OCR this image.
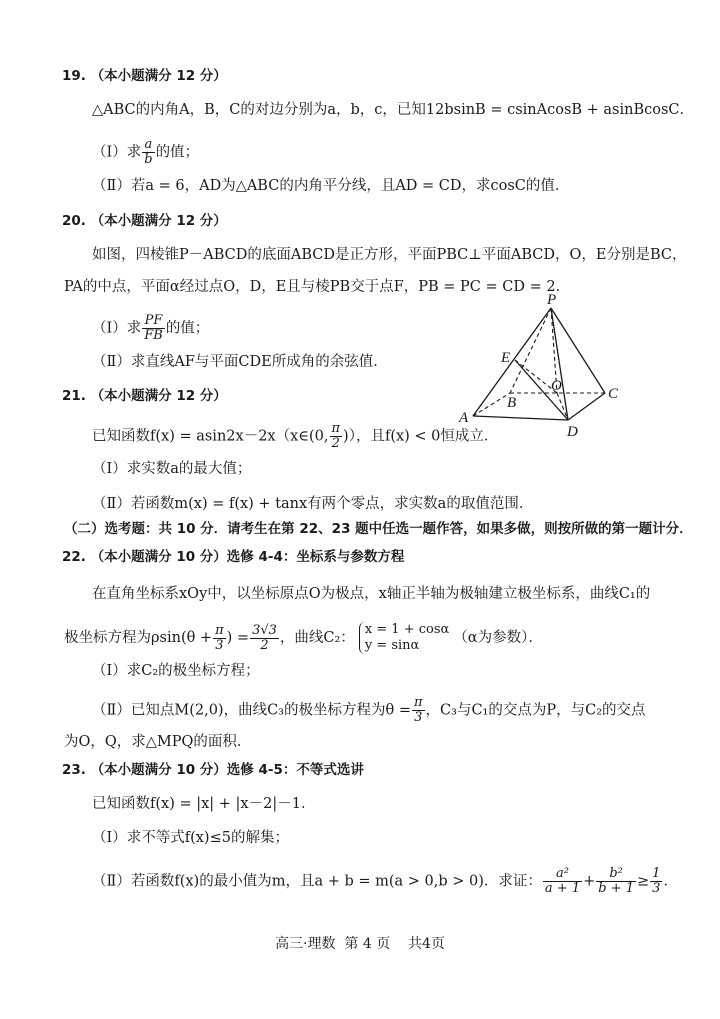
19. （本小题满分 12 分）
△ABC的内角A，B，C的对边分别为a，b，c，已知12bsinB = csinAcosB + asinBcosC．
（Ⅰ）求 $\frac{a}{b}$ 的值；
（Ⅱ）若a = 6，AD为△ABC的内角平分线，且AD = CD，求cosC的值．
20. （本小题满分 12 分）
如图，四棱锥P－ABCD的底面ABCD是正方形，平面PBC⊥平面ABCD，O，E分别是BC，
PA的中点，平面α经过点O，D，E且与棱PB交于点F，PB = PC = CD = 2．
（Ⅰ）求 $\frac{PF}{FB}$ 的值；
（Ⅱ）求直线AF与平面CDE所成角的余弦值．
P
E
O	C
B
A
D
21. （本小题满分 12 分）
已知函数f(x) = asin2x－2x（x∈(0, $\frac{\pi}{2}$ )），且f(x) < 0恒成立．
（Ⅰ）求实数a的最大值；
（Ⅱ）若函数m(x) = f(x) + tanx有两个零点，求实数a的取值范围．
（二）选考题：共 10 分．请考生在第 22、23 题中任选一题作答，如果多做，则按所做的第一题计分．
22. （本小题满分 10 分）选修 4-4：坐标系与参数方程
在直角坐标系xOy中，以坐标原点O为极点，x轴正半轴为极轴建立极坐标系，曲线C₁的
极坐标方程为$\rho\sin(\theta + \frac{\pi}{3}$ ) = $\frac{3√3}{2}$ ，曲线C₂：
x = 1 + cosα
y = sinα	（α为参数）．
（Ⅰ）求C₂的极坐标方程；
（Ⅱ）已知点M(2,0)，曲线C₃的极坐标方程为$\theta = \frac{\pi}{3}$ ，C₃与C₁的交点为P，与C₂的交点
为O，Q，求△MPQ的面积．
23. （本小题满分 10 分）选修 4-5：不等式选讲
已知函数f(x) = |x| + |x－2|－1．
（Ⅰ）求不等式f(x)≤5的解集；
（Ⅱ）若函数f(x)的最小值为m，且a + b = m(a > 0,b > 0)．求证： $\frac{\text{a²}}{a + 1} + \frac{\text{b²}}{b + 1} \ge \frac{1}{3}$ ．
高三·理数  第 4 页    共4页
